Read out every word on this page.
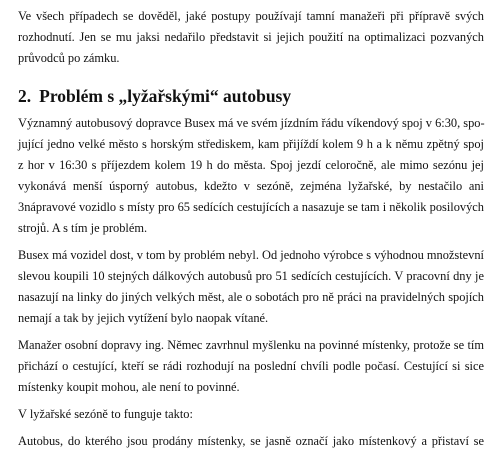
Ve všech případech se dověděl, jaké postupy používají tamní manažeři při přípravě svých
rozhodnutí. Jen se mu jaksi nedařilo představit si jejich použití na optimalizaci pozvaných
průvodců po zámku.

2. Problém s „lyžařskými“ autobusy

Významný autobusový dopravce Busex má ve svém jízdním řádu víkendový spoj v 6:30, spo-
jující jedno velké město s horským střediskem, kam přijíždí kolem 9 h a k němu zpětný spoj
z hor v 16:30 s příjezdem kolem 19 h do města. Spoj jezdí celoročně, ale mimo sezónu jej
vykonává menší úsporný autobus, kdežto v sezóně, zejména lyžařské, by nestačilo ani
3nápravové vozidlo s místy pro 65 sedících cestujících a nasazuje se tam i několik posilových
strojů. A s tím je problém.

Busex má vozidel dost, v tom by problém nebyl. Od jednoho výrobce s výhodnou množstevní
slevou koupili 10 stejných dálkových autobusů pro 51 sedících cestujících. V pracovní dny je
nasazují na linky do jiných velkých měst, ale o sobotách pro ně práci na pravidelných spojích
nemají a tak by jejich vytížení bylo naopak vítané.

Manažer osobní dopravy ing. Němec zavrhnul myšlenku na povinné místenky, protože se tím
přichází o cestující, kteří se rádi rozhodují na poslední chvíli podle počasí. Cestující si sice
místenky koupit mohou, ale není to povinné.

V lyžařské sezóně to funguje takto:

Autobus, do kterého jsou prodány místenky, se jasně označí jako místenkový a přistaví se
